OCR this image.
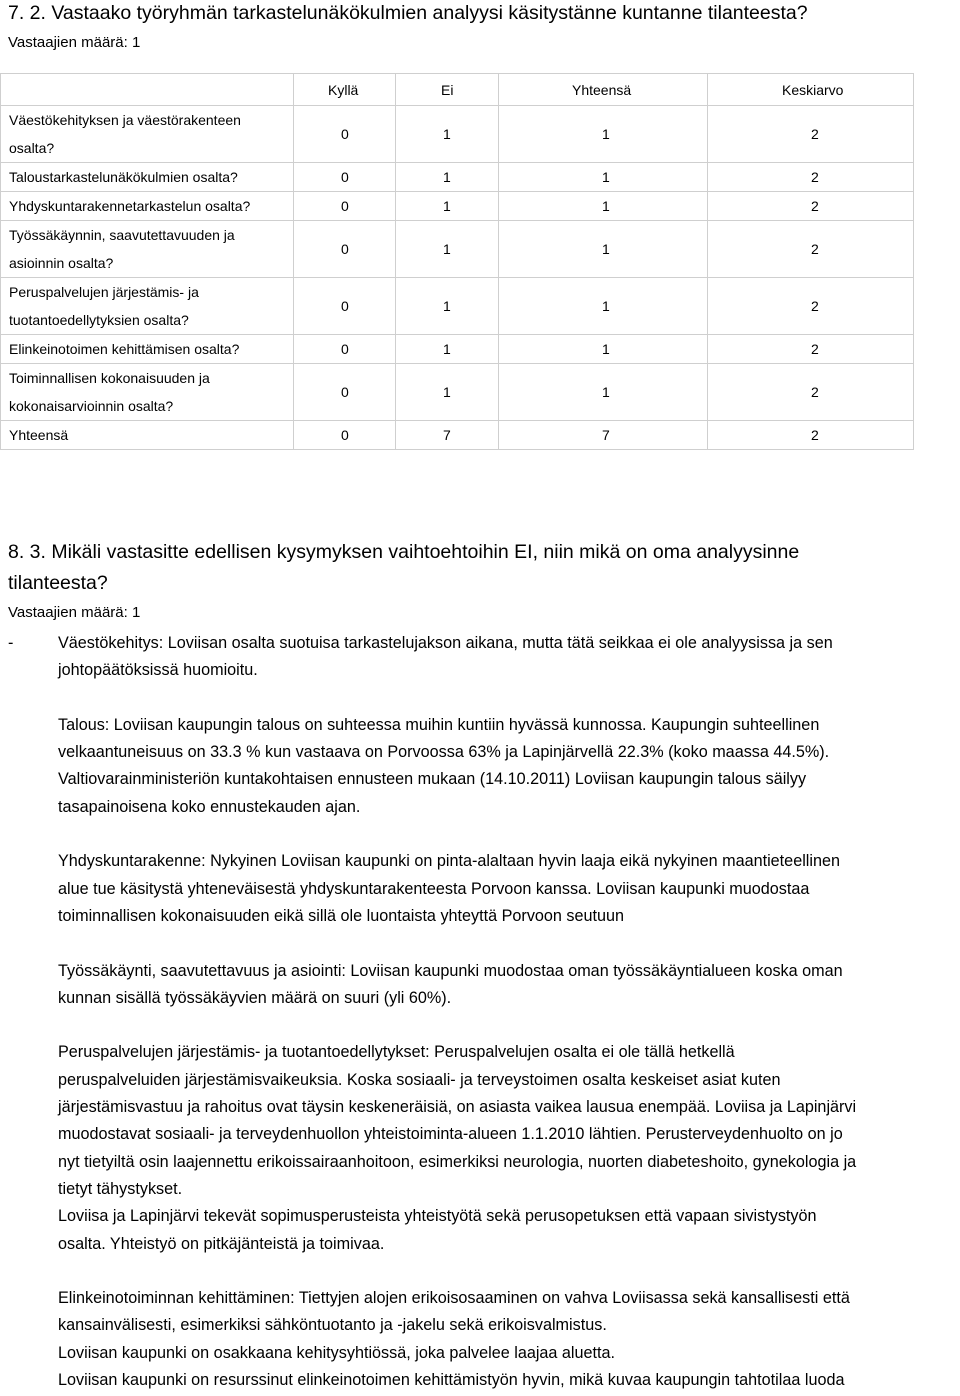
7. 2. Vastaako työryhmän tarkastelunäkökulmien analyysi käsitystänne kuntanne tilanteesta?
Vastaajien määrä: 1
	Kyllä	Ei	Yhteensä	Keskiarvo

Väestökehityksen ja väestörakenteen
osalta?	0	1	1	2

Taloustarkastelunäkökulmien osalta?	0	1	1	2

Yhdyskuntarakennetarkastelun osalta?	0	1	1	2

Työssäkäynnin, saavutettavuuden ja
asioinnin osalta?	0	1	1	2

Peruspalvelujen järjestämis- ja
tuotantoedellytyksien osalta?	0	1	1	2

Elinkeinotoimen kehittämisen osalta?	0	1	1	2

Toiminnallisen kokonaisuuden ja
kokonaisarvioinnin osalta?	0	1	1	2

Yhteensä	0	7	7	2
8. 3. Mikäli vastasitte edellisen kysymyksen vaihtoehtoihin EI, niin mikä on oma analyysinne
tilanteesta?
Vastaajien määrä: 1
-	Väestökehitys: Loviisan osalta suotuisa tarkastelujakson aikana, mutta tätä seikkaa ei ole analyysissa ja sen
johtopäätöksissä huomioitu.

Talous: Loviisan kaupungin talous on suhteessa muihin kuntiin hyvässä kunnossa. Kaupungin suhteellinen
velkaantuneisuus on 33.3 % kun vastaava on Porvoossa 63% ja Lapinjärvellä 22.3% (koko maassa 44.5%).
Valtiovarainministeriön kuntakohtaisen ennusteen mukaan (14.10.2011) Loviisan kaupungin talous säilyy
tasapainoisena koko ennustekauden ajan.

Yhdyskuntarakenne: Nykyinen Loviisan kaupunki on pinta-alaltaan hyvin laaja eikä nykyinen maantieteellinen
alue tue käsitystä yhteneväisestä yhdyskuntarakenteesta Porvoon kanssa. Loviisan kaupunki muodostaa
toiminnallisen kokonaisuuden eikä sillä ole luontaista yhteyttä Porvoon seutuun

Työssäkäynti, saavutettavuus ja asiointi: Loviisan kaupunki muodostaa oman työssäkäyntialueen koska oman
kunnan sisällä työssäkäyvien määrä on suuri (yli 60%).

Peruspalvelujen järjestämis- ja tuotantoedellytykset: Peruspalvelujen osalta ei ole tällä hetkellä
peruspalveluiden järjestämisvaikeuksia. Koska sosiaali- ja terveystoimen osalta keskeiset asiat kuten
järjestämisvastuu ja rahoitus ovat täysin keskeneräisiä, on asiasta vaikea lausua enempää. Loviisa ja Lapinjärvi
muodostavat sosiaali- ja terveydenhuollon yhteistoiminta-alueen 1.1.2010 lähtien. Perusterveydenhuolto on jo
nyt tietyiltä osin laajennettu erikoissairaanhoitoon, esimerkiksi neurologia, nuorten diabeteshoito, gynekologia ja
tietyt tähystykset.
Loviisa ja Lapinjärvi tekevät sopimusperusteista yhteistyötä sekä perusopetuksen että vapaan sivistystyön
osalta. Yhteistyö on pitkäjänteistä ja toimivaa.

Elinkeinotoiminnan kehittäminen: Tiettyjen alojen erikoisosaaminen on vahva Loviisassa sekä kansallisesti että
kansainvälisesti, esimerkiksi sähköntuotanto ja -jakelu sekä erikoisvalmistus.
Loviisan kaupunki on osakkaana kehitysyhtiössä, joka palvelee laajaa aluetta.
Loviisan kaupunki on resurssinut elinkeinotoimen kehittämistyön hyvin, mikä kuvaa kaupungin tahtotilaa luoda
